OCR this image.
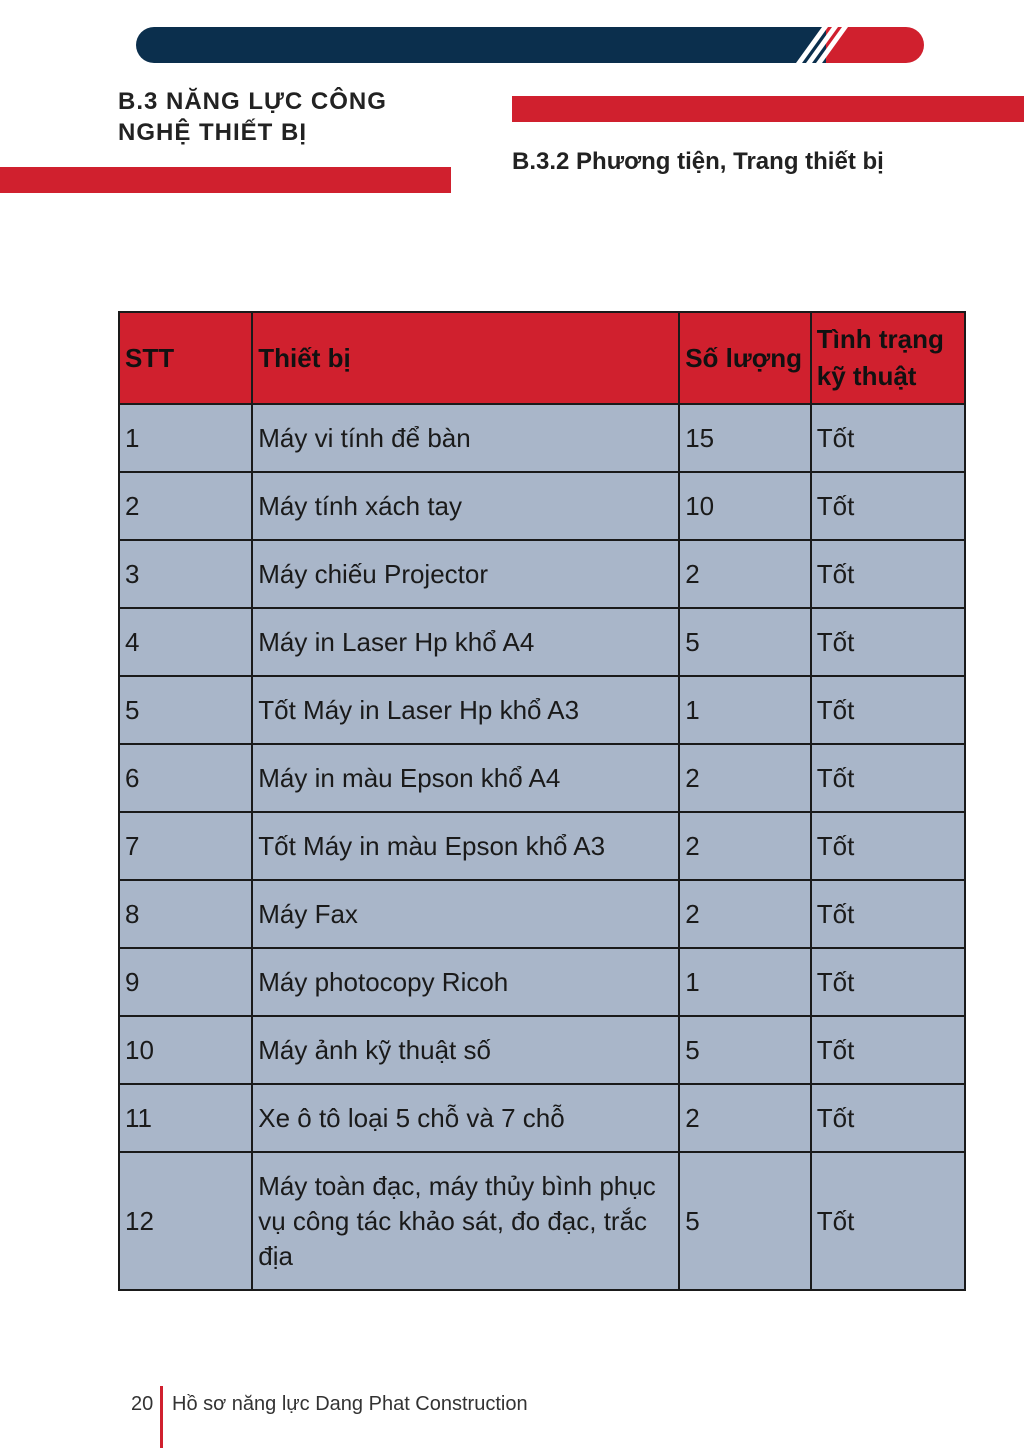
B.3 NĂNG LỰC CÔNG NGHỆ THIẾT BỊ
B.3.2 Phương tiện, Trang thiết bị
STT	Thiết bị	Số lượng	Tình trạng kỹ thuật
1	Máy vi tính để bàn	15	Tốt
2	Máy tính xách tay	10	Tốt
3	Máy chiếu Projector	2	Tốt
4	Máy in Laser Hp khổ A4	5	Tốt
5	Tốt Máy in Laser Hp khổ A3	1	Tốt
6	Máy in màu Epson khổ A4	2	Tốt
7	Tốt Máy in màu Epson khổ A3	2	Tốt
8	Máy Fax	2	Tốt
9	Máy photocopy Ricoh	1	Tốt
10	Máy ảnh kỹ thuật số	5	Tốt
11	Xe ô tô loại 5 chỗ và 7 chỗ	2	Tốt
12	Máy toàn đạc, máy thủy bình phục vụ công tác khảo sát, đo đạc, trắc địa	5	Tốt
20 Hồ sơ năng lực Dang Phat Construction
